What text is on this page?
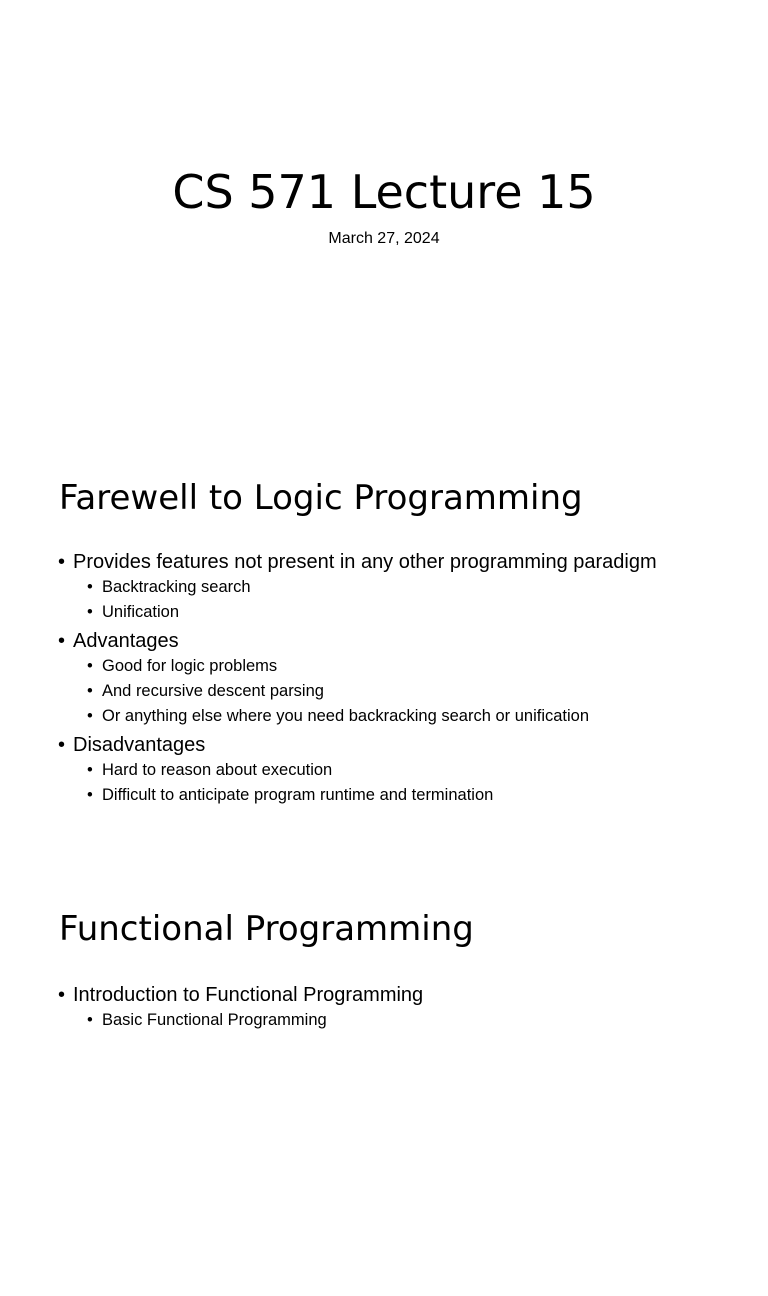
CS 571 Lecture 15
March 27, 2024
Farewell to Logic Programming
• Provides features not present in any other programming paradigm
• Backtracking search
• Unification
• Advantages
• Good for logic problems
• And recursive descent parsing
• Or anything else where you need backracking search or unification
• Disadvantages
• Hard to reason about execution
• Difficult to anticipate program runtime and termination
Functional Programming
• Introduction to Functional Programming
• Basic Functional Programming
